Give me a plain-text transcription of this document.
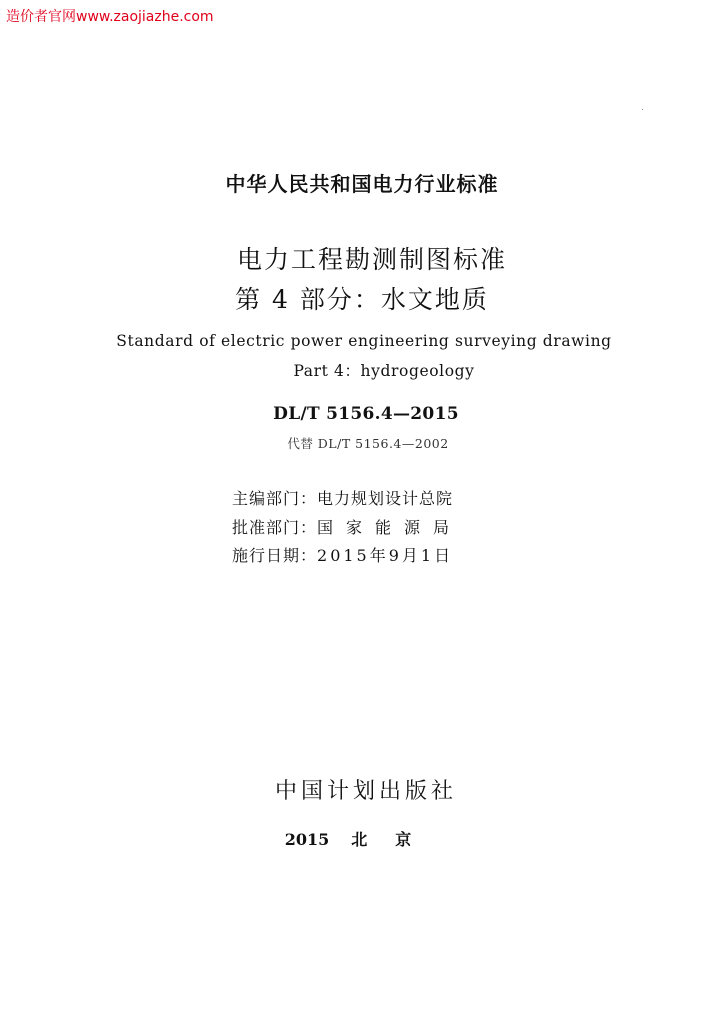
造价者官网www.zaojiazhe.com
中华人民共和国电力行业标准
电力工程勘测制图标准
第 4 部分：水文地质
Standard of electric power engineering surveying drawing
Part 4：hydrogeology
DL/T 5156.4—2015
代替 DL/T 5156.4—2002
主编部门：电力规划设计总院
批准部门：国家能源局
施行日期：2015年9月1日
中国计划出版社
2015 北京
